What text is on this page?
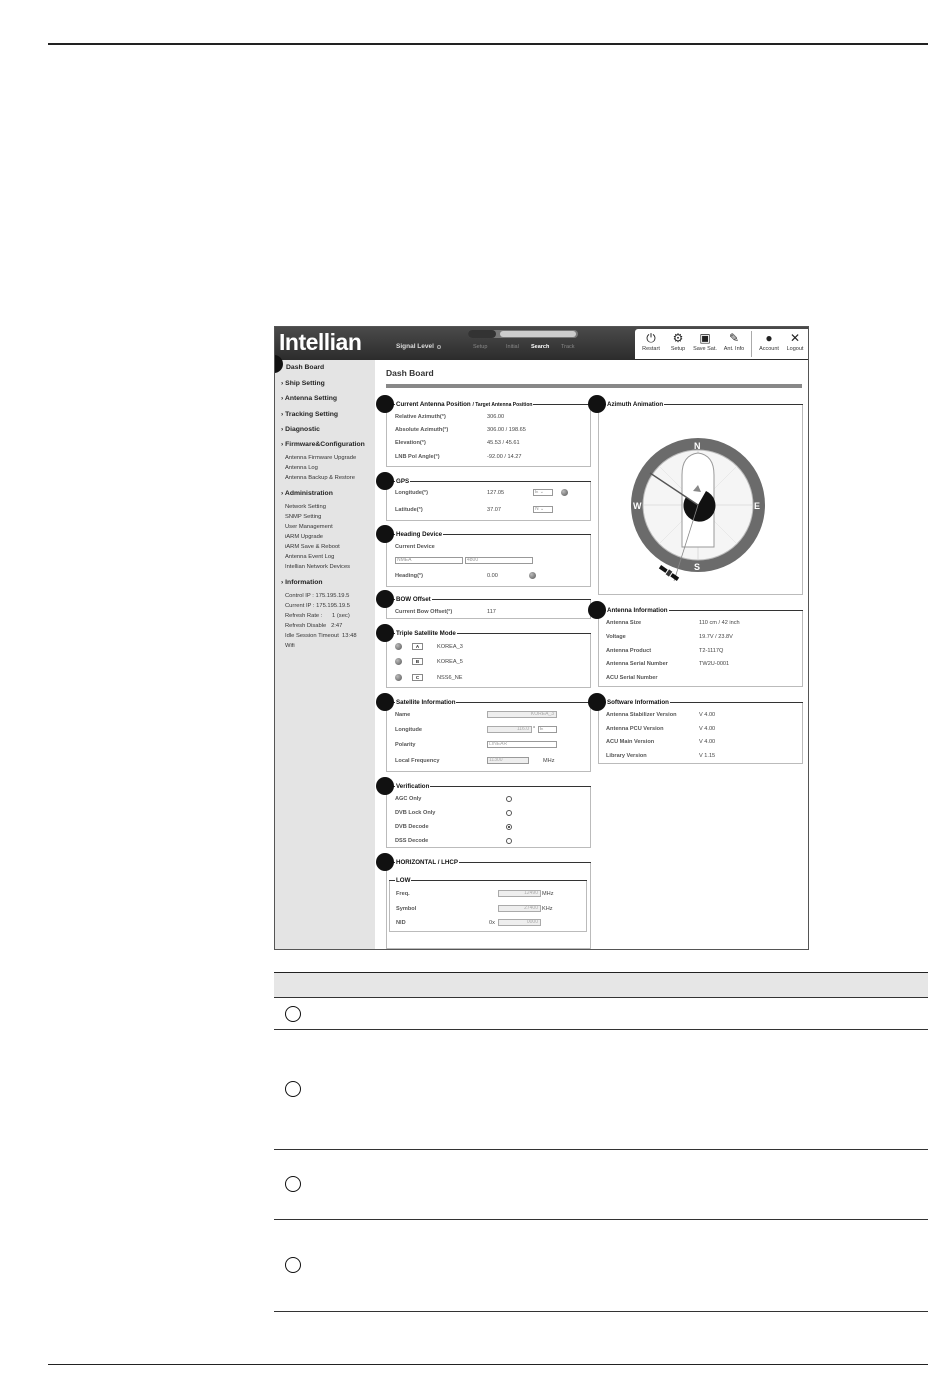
Intellian	Signal Level	Setup	Initial Search Track
⏻
Restart
⚙
Setup
▣
Save Sat.
✎
Ant. Info
●
Account
✕
Logout
Dash Board
› Ship Setting
› Antenna Setting
› Tracking Setting
› Diagnostic
› Firmware&Configuration
Antenna Firmware Upgrade
Antenna Log
Antenna Backup & Restore
› Administration
Network Setting
SNMP Setting
User Management
iARM Upgrade
iARM Save & Reboot
Antenna Event Log
Intellian Network Devices
› Information
Control IP : 175.195.19.5
Current IP : 175.195.19.5
Refresh Rate :      1 (sec)
Refresh Disable   2:47
Idle Session Timeout  13:48
Wifi
Dash Board
Current Antenna Position / Target Antenna Position
Relative Azimuth(°)	306.00
Absolute Azimuth(°)	306.00 / 198.65
Elevation(°)	45.53 / 45.61
LNB Pol Angle(°)	-92.00 / 14.27
GPS
Longitude(°)	127.05	E ⌄
Latitude(°)	37.07	N ⌄
Heading Device
Current Device
NMEA	4800
Heading(°)	0.00
BOW Offset
Current Bow Offset(°)	117
Triple Satellite Mode
A	KOREA_3
B	KOREA_5
C	NSS6_NE
Satellite Information
Name	KOREA_3
Longitude	116.0 ° E
Polarity	LINEAR
Local Frequency	11300	MHz
Verification
AGC Only
DVB Lock Only
DVB Decode
DSS Decode
HORIZONTAL / LHCP
LOW
Freq.	12490 MHz
Symbol	27400 KHz
NID	0x	0000
Azimuth Animation
N
S
E
W
Antenna Information
Antenna Size	110 cm / 42 inch
Voltage	19.7V / 23.8V
Antenna Product	T2-1117Q
Antenna Serial Number	TW2U-0001
ACU Serial Number
Software Information
Antenna Stabilizer Version	V 4.00
Antenna PCU Version	V 4.00
ACU Main Version	V 4.00
Library Version	V 1.15
